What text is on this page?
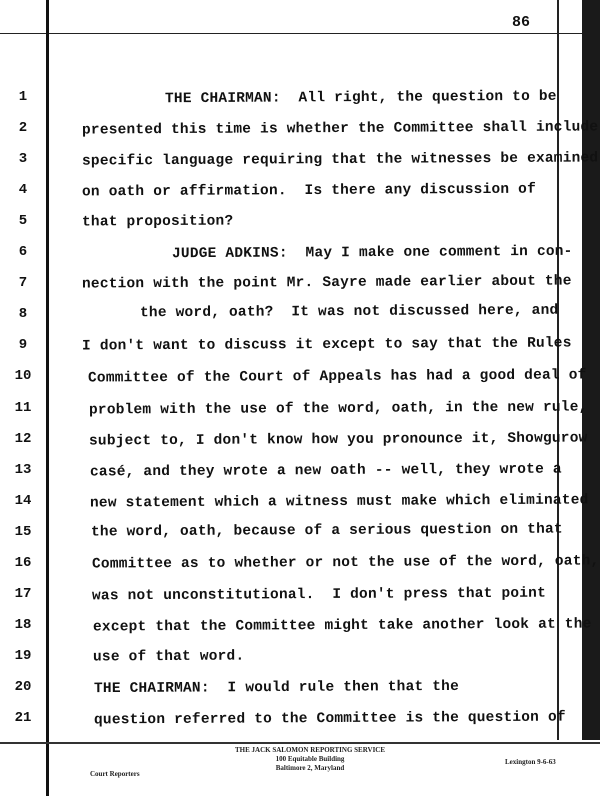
86
1	THE CHAIRMAN:  All right, the question to be
2	presented this time is whether the Committee shall include
3	specific language requiring that the witnesses be examined
4	on oath or affirmation.  Is there any discussion of
5	that proposition?
6	JUDGE ADKINS:  May I make one comment in con-
7	nection with the point Mr. Sayre made earlier about the
8	the word, oath?  It was not discussed here, and
9	I don't want to discuss it except to say that the Rules
10	Committee of the Court of Appeals has had a good deal of
11	problem with the use of the word, oath, in the new rule,
12	subject to, I don't know how you pronounce it, Showgurow
13	casé, and they wrote a new oath -- well, they wrote a
14	new statement which a witness must make which eliminated
15	the word, oath, because of a serious question on that
16	Committee as to whether or not the use of the word, oath,
17	was not unconstitutional.  I don't press that point
18	except that the Committee might take another look at the
19	use of that word.
20	THE CHAIRMAN:  I would rule then that the
21	question referred to the Committee is the question of
THE JACK SALOMON REPORTING SERVICE
100 Equitable Building
Baltimore 2, Maryland
Court Reporters
Lexington 9-6‑63
